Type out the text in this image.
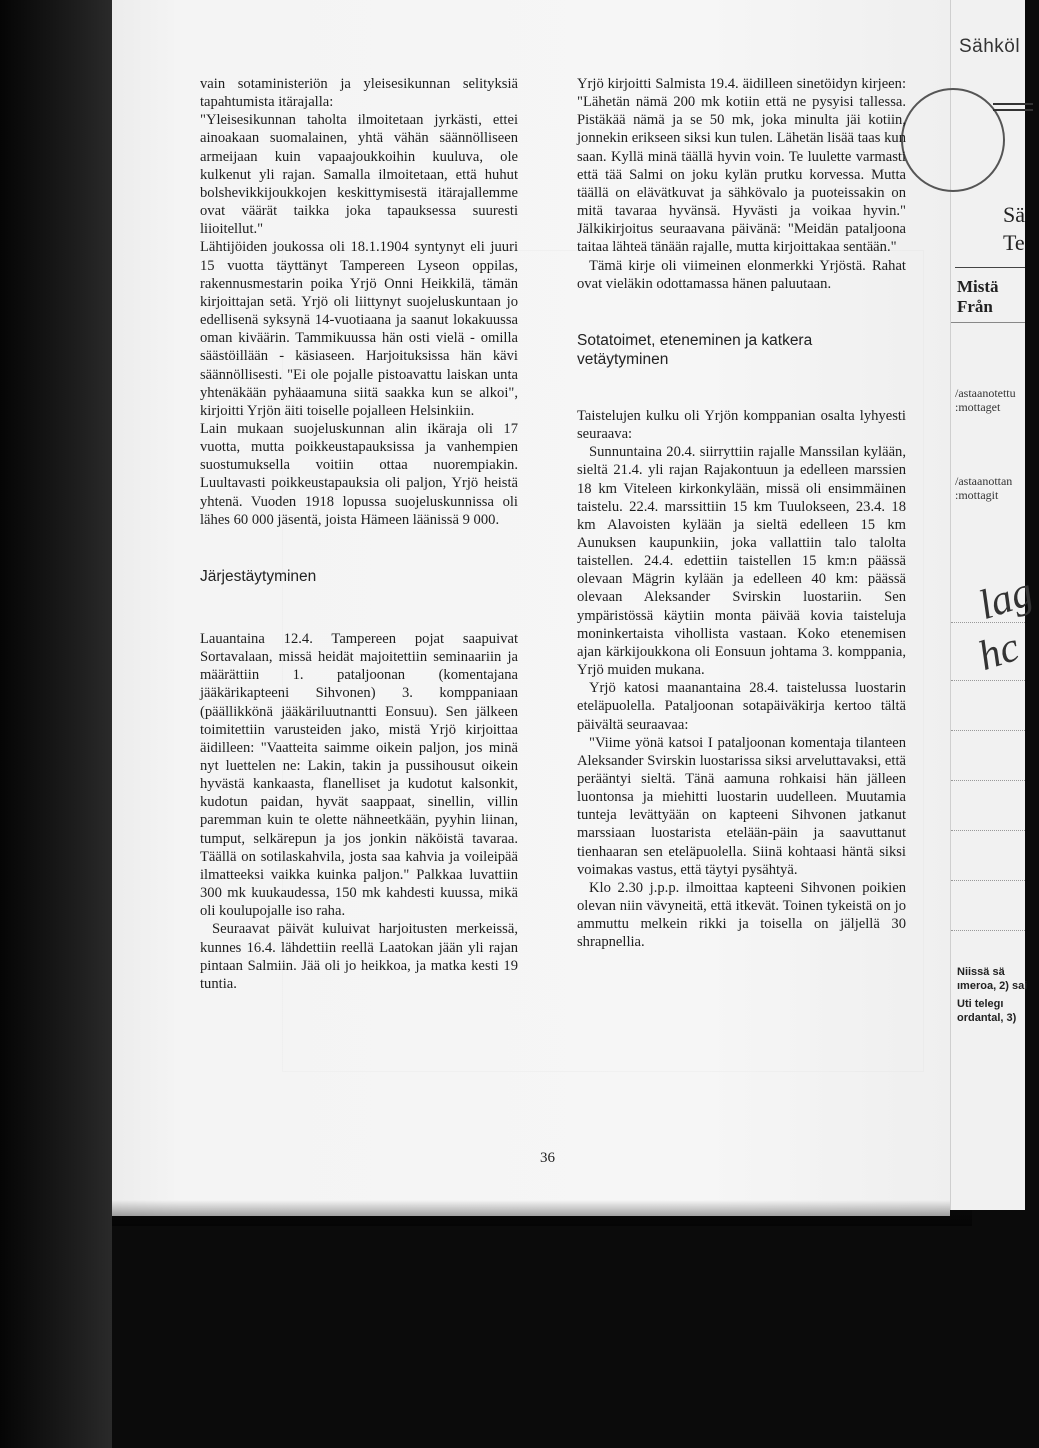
Sähköl
Sä
Te
Mistä
Från
/astaanotettu
:mottaget
/astaanottan
:mottagit
lag
hc
Niissä sä
ımeroa, 2) sai
Uti telegı
ordantal, 3)

vain sotaministeriön ja yleisesikunnan selityksiä tapahtumista itärajalla:

"Yleisesikunnan taholta ilmoitetaan jyrkästi, ettei ainoakaan suomalainen, yhtä vähän säännölliseen armeijaan kuin vapaajoukkoihin kuuluva, ole kulkenut yli rajan. Samalla ilmoitetaan, että huhut bolshevikkijoukkojen keskittymisestä itärajallemme ovat väärät taikka joka tapauksessa suuresti liioitellut."

Lähtijöiden joukossa oli 18.1.1904 syntynyt eli juuri 15 vuotta täyttänyt Tampereen Lyseon oppilas, rakennusmestarin poika Yrjö Onni Heikkilä, tämän kirjoittajan setä. Yrjö oli liittynyt suojeluskuntaan jo edellisenä syksynä 14-vuotiaana ja saanut lokakuussa oman kiväärin. Tammikuussa hän osti vielä - omilla säästöillään - käsiaseen. Harjoituksissa hän kävi säännöllisesti. "Ei ole pojalle pistoavattu laiskan unta yhtenäkään pyhäaamuna siitä saakka kun se alkoi", kirjoitti Yrjön äiti toiselle pojalleen Helsinkiin.

Lain mukaan suojeluskunnan alin ikäraja oli 17 vuotta, mutta poikkeustapauksissa ja vanhempien suostumuksella voitiin ottaa nuorempiakin. Luultavasti poikkeustapauksia oli paljon, Yrjö heistä yhtenä. Vuoden 1918 lopussa suojeluskunnissa oli lähes 60 000 jäsentä, joista Hämeen läänissä 9 000.

Järjestäytyminen

Lauantaina 12.4. Tampereen pojat saapuivat Sortavalaan, missä heidät majoitettiin seminaariin ja määrättiin 1. pataljoonan (komentajana jääkärikapteeni Sihvonen) 3. komppaniaan (päällikkönä jääkäriluutnantti Eonsuu). Sen jälkeen toimitettiin varusteiden jako, mistä Yrjö kirjoittaa äidilleen: "Vaatteita saimme oikein paljon, jos minä nyt luettelen ne: Lakin, takin ja pussihousut oikein hyvästä kankaasta, flanelliset ja kudotut kalsonkit, kudotun paidan, hyvät saappaat, sinellin, villin paremman kuin te olette nähneetkään, pyyhin liinan, tumput, selkärepun ja jos jonkin näköistä tavaraa. Täällä on sotilaskahvila, josta saa kahvia ja voileipää ilmatteeksi vaikka kuinka paljon." Palkkaa luvattiin 300 mk kuukaudessa, 150 mk kahdesti kuussa, mikä oli koulupojalle iso raha.

Seuraavat päivät kuluivat harjoitusten merkeissä, kunnes 16.4. lähdettiin reellä Laatokan jään yli rajan pintaan Salmiin. Jää oli jo heikkoa, ja matka kesti 19 tuntia.

Yrjö kirjoitti Salmista 19.4. äidilleen sinetöidyn kirjeen: "Lähetän nämä 200 mk kotiin että ne pysyisi tallessa. Pistäkää nämä ja se 50 mk, joka minulta jäi kotiin, jonnekin erikseen siksi kun tulen. Lähetän lisää taas kun saan. Kyllä minä täällä hyvin voin. Te luulette varmasti että tää Salmi on joku kylän prutku korvessa. Mutta täällä on elävätkuvat ja sähkövalo ja puoteissakin on mitä tavaraa hyvänsä. Hyvästi ja voikaa hyvin." Jälkikirjoitus seuraavana päivänä: "Meidän pataljoona taitaa lähteä tänään rajalle, mutta kirjoittakaa sentään."

Tämä kirje oli viimeinen elonmerkki Yrjöstä. Rahat ovat vieläkin odottamassa hänen paluutaan.

Sotatoimet, eteneminen ja katkera vetäytyminen

Taistelujen kulku oli Yrjön komppanian osalta lyhyesti seuraava:

Sunnuntaina 20.4. siirryttiin rajalle Manssilan kylään, sieltä 21.4. yli rajan Rajakontuun ja edelleen marssien 18 km Viteleen kirkonkylään, missä oli ensimmäinen taistelu. 22.4. marssittiin 15 km Tuulokseen, 23.4. 18 km Alavoisten kylään ja sieltä edelleen 15 km Aunuksen kaupunkiin, joka vallattiin talo talolta taistellen. 24.4. edettiin taistellen 15 km:n päässä olevaan Mägrin kylään ja edelleen 40 km: päässä olevaan Aleksander Svirskin luostariin. Sen ympäristössä käytiin monta päivää kovia taisteluja moninkertaista vihollista vastaan. Koko etenemisen ajan kärkijoukkona oli Eonsuun johtama 3. komppania, Yrjö muiden mukana.

Yrjö katosi maanantaina 28.4. taistelussa luostarin eteläpuolella. Pataljoonan sotapäiväkirja kertoo tältä päivältä seuraavaa:

"Viime yönä katsoi I pataljoonan komentaja tilanteen Aleksander Svirskin luostarissa siksi arveluttavaksi, että perääntyi sieltä. Tänä aamuna rohkaisi hän jälleen luontonsa ja miehitti luostarin uudelleen. Muutamia tunteja levättyään on kapteeni Sihvonen jatkanut marssiaan luostarista etelään-päin ja saavuttanut tienhaaran sen eteläpuolella. Siinä kohtaasi häntä siksi voimakas vastus, että täytyi pysähtyä.

Klo 2.30 j.p.p. ilmoittaa kapteeni Sihvonen poikien olevan niin vävyneitä, että itkevät. Toinen tykeistä on jo ammuttu melkein rikki ja toisella on jäljellä 30 shrapnellia.

36
